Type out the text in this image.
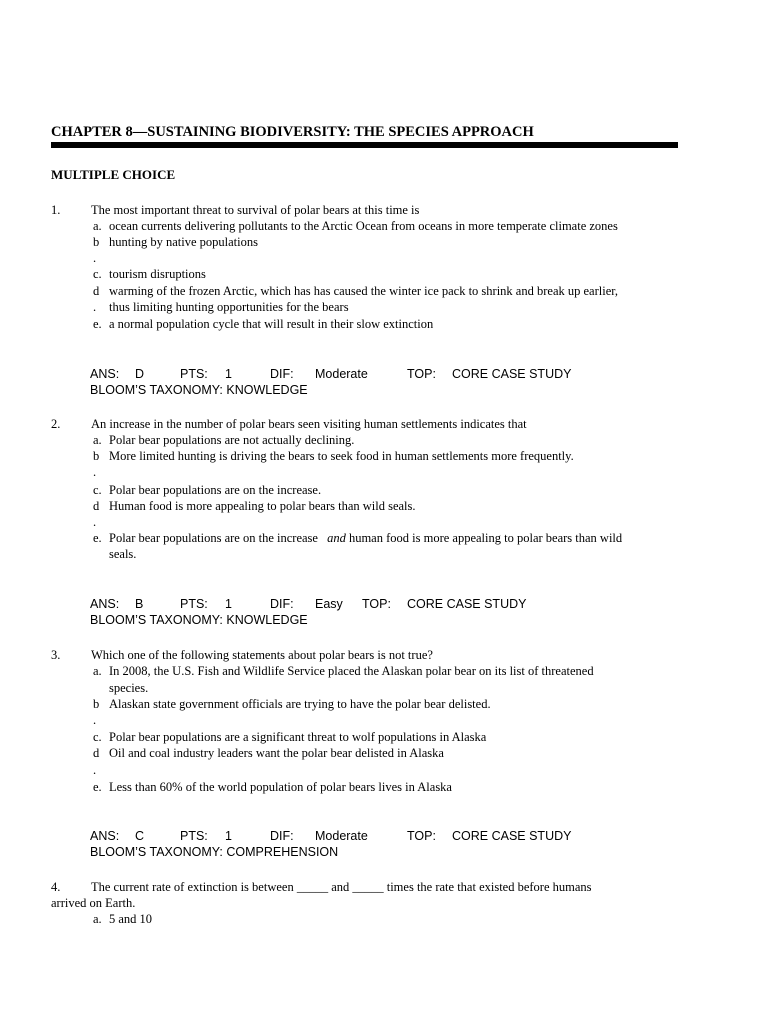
CHAPTER 8—SUSTAINING BIODIVERSITY: THE SPECIES APPROACH
MULTIPLE CHOICE
1. The most important threat to survival of polar bears at this time is
a. ocean currents delivering pollutants to the Arctic Ocean from oceans in more temperate climate zones
b hunting by native populations
.
c. tourism disruptions
d warming of the frozen Arctic, which has has caused the winter ice pack to shrink and break up earlier,
. thus limiting hunting opportunities for the bears
e. a normal population cycle that will result in their slow extinction
ANS: D	PTS: 1	DIF: Moderate	TOP: CORE CASE STUDY
BLOOM’S TAXONOMY: KNOWLEDGE
2. An increase in the number of polar bears seen visiting human settlements indicates that
a. Polar bear populations are not actually declining.
b More limited hunting is driving the bears to seek food in human settlements more frequently.
.
c. Polar bear populations are on the increase.
d Human food is more appealing to polar bears than wild seals.
.
e. Polar bear populations are on the increase and human food is more appealing to polar bears than wild
seals.
ANS: B	PTS: 1	DIF: Easy TOP: CORE CASE STUDY
BLOOM’S TAXONOMY: KNOWLEDGE
3. Which one of the following statements about polar bears is not true?
a. In 2008, the U.S. Fish and Wildlife Service placed the Alaskan polar bear on its list of threatened
species.
b Alaskan state government officials are trying to have the polar bear delisted.
.
c. Polar bear populations are a significant threat to wolf populations in Alaska
d Oil and coal industry leaders want the polar bear delisted in Alaska
.
e. Less than 60% of the world population of polar bears lives in Alaska
ANS: C	PTS: 1	DIF: Moderate	TOP: CORE CASE STUDY
BLOOM’S TAXONOMY: COMPREHENSION
4. The current rate of extinction is between _____ and _____ times the rate that existed before humans
arrived on Earth.
a. 5 and 10
